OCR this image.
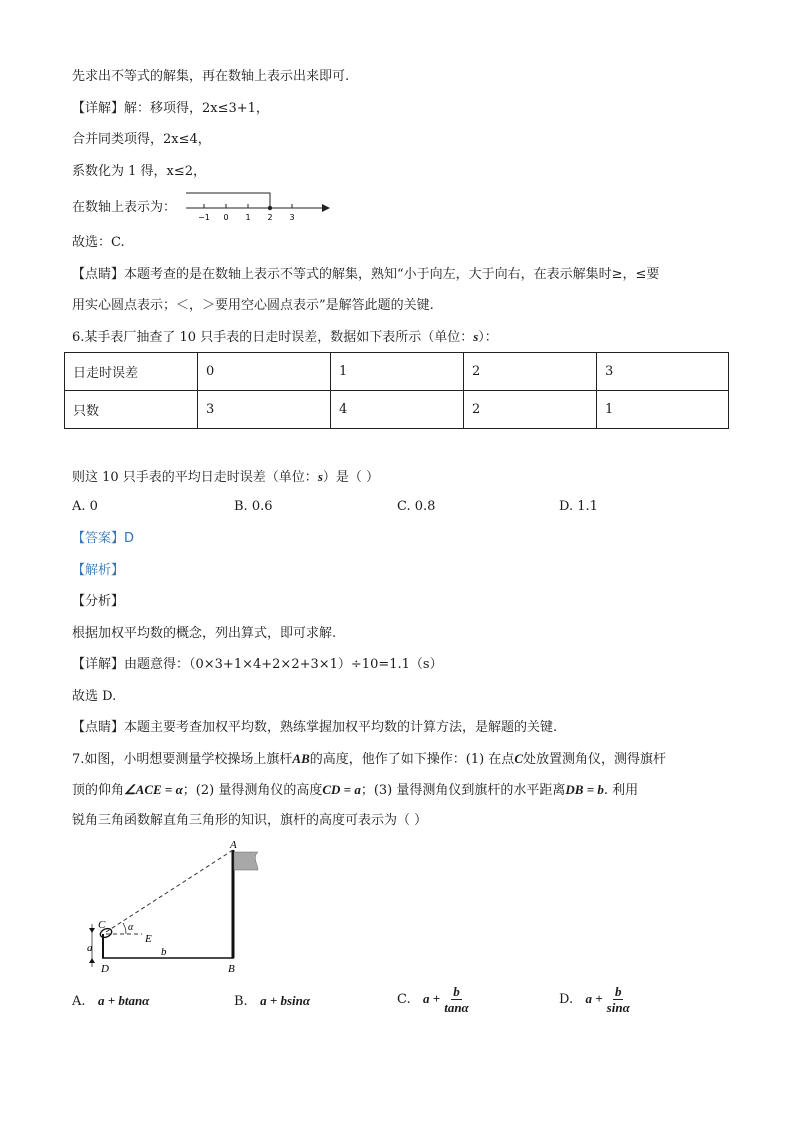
先求出不等式的解集，再在数轴上表示出来即可.
【详解】解：移项得，2x≤3+1，
合并同类项得，2x≤4，
系数化为 1 得，x≤2，
在数轴上表示为：
−1 0 1 2 3
故选：C.
【点睛】本题考查的是在数轴上表示不等式的解集，熟知“小于向左，大于向右，在表示解集时≥，≤要
用实心圆点表示；＜，＞要用空心圆点表示”是解答此题的关键.
6.某手表厂抽查了 10 只手表的日走时误差，数据如下表所示（单位：s）：
日走时误差	0	1	2	3
只数	3	4	2	1
则这 10 只手表的平均日走时误差（单位：s）是（ ）
A. 0	B. 0.6	C. 0.8	D. 1.1
【答案】D
【解析】
【分析】
根据加权平均数的概念，列出算式，即可求解.
【详解】由题意得：（0×3+1×4+2×2+3×1）÷10=1.1（s）
故选 D.
【点睛】本题主要考查加权平均数，熟练掌握加权平均数的计算方法，是解题的关键.
7.如图，小明想要测量学校操场上旗杆AB的高度，他作了如下操作：(1) 在点C处放置测角仪，测得旗杆
顶的仰角∠ACE = α；(2) 量得测角仪的高度CD = a；(3) 量得测角仪到旗杆的水平距离DB = b. 利用
锐角三角函数解直角三角形的知识，旗杆的高度可表示为（ ）
A
B
C
D
E
α
a	b
A. a + btanα	B. a + bsinα	C. $a + \frac{b}{\tan\alpha}$	D. $a + \frac{b}{\sin\alpha}$
